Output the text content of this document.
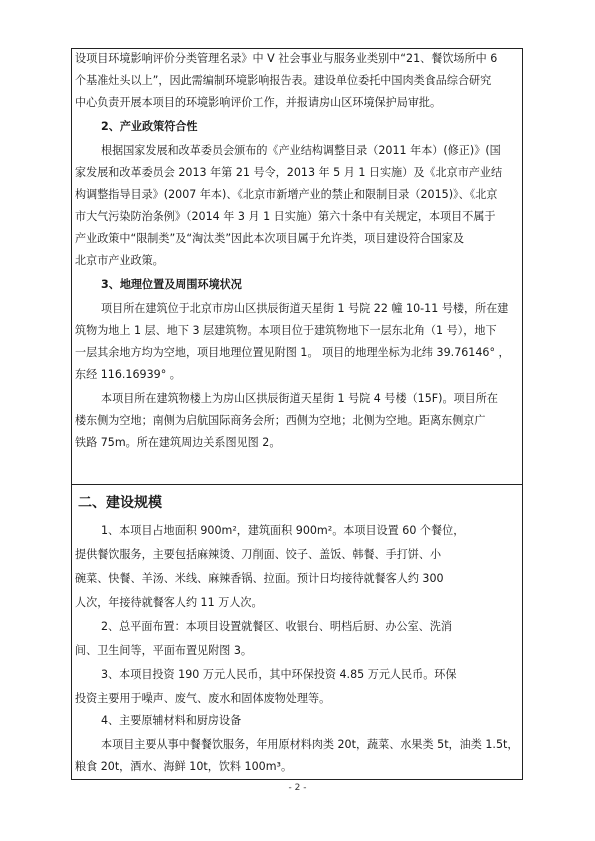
设项目环境影响评价分类管理名录》中 V 社会事业与服务业类别中“21、餐饮场所中 6
个基准灶头以上”，因此需编制环境影响报告表。建设单位委托中国肉类食品综合研究
中心负责开展本项目的环境影响评价工作，并报请房山区环境保护局审批。
2、产业政策符合性
根据国家发展和改革委员会颁布的《产业结构调整目录（2011 年本）(修正)》(国
家发展和改革委员会 2013 年第 21 号令，2013 年 5 月 1 日实施）及《北京市产业结
构调整指导目录》(2007 年本)、《北京市新增产业的禁止和限制目录（2015)》、《北京
市大气污染防治条例》（2014 年 3 月 1 日实施）第六十条中有关规定，本项目不属于
产业政策中“限制类”及“淘汰类”因此本次项目属于允许类，项目建设符合国家及
北京市产业政策。
3、地理位置及周围环境状况
项目所在建筑位于北京市房山区拱辰街道天星街 1 号院 22 幢 10-11 号楼，所在建
筑物为地上 1 层、地下 3 层建筑物。本项目位于建筑物地下一层东北角（1 号），地下
一层其余地方均为空地，项目地理位置见附图 1。 项目的地理坐标为北纬 39.76146° ，
东经 116.16939° 。
本项目所在建筑物楼上为房山区拱辰街道天星街 1 号院 4 号楼（15F)。项目所在
楼东侧为空地；南侧为启航国际商务会所；西侧为空地；北侧为空地。距离东侧京广
铁路 75m。所在建筑周边关系图见图 2。
二、建设规模
1、本项目占地面积 900m²，建筑面积 900m²。本项目设置 60 个餐位，
提供餐饮服务，主要包括麻辣烫、刀削面、饺子、盖饭、韩餐、手打饼、小
碗菜、快餐、羊汤、米线、麻辣香锅、拉面。预计日均接待就餐客人约 300
人次，年接待就餐客人约 11 万人次。
2、总平面布置：本项目设置就餐区、收银台、明档后厨、办公室、洗消
间、卫生间等，平面布置见附图 3。
3、本项目投资 190 万元人民币，其中环保投资 4.85 万元人民币。环保
投资主要用于噪声、废气、废水和固体废物处理等。
4、主要原辅材料和厨房设备
本项目主要从事中餐餐饮服务，年用原材料肉类 20t，蔬菜、水果类 5t，油类 1.5t，
粮食 20t，酒水、海鲜 10t，饮料 100m³。
- 2 -
